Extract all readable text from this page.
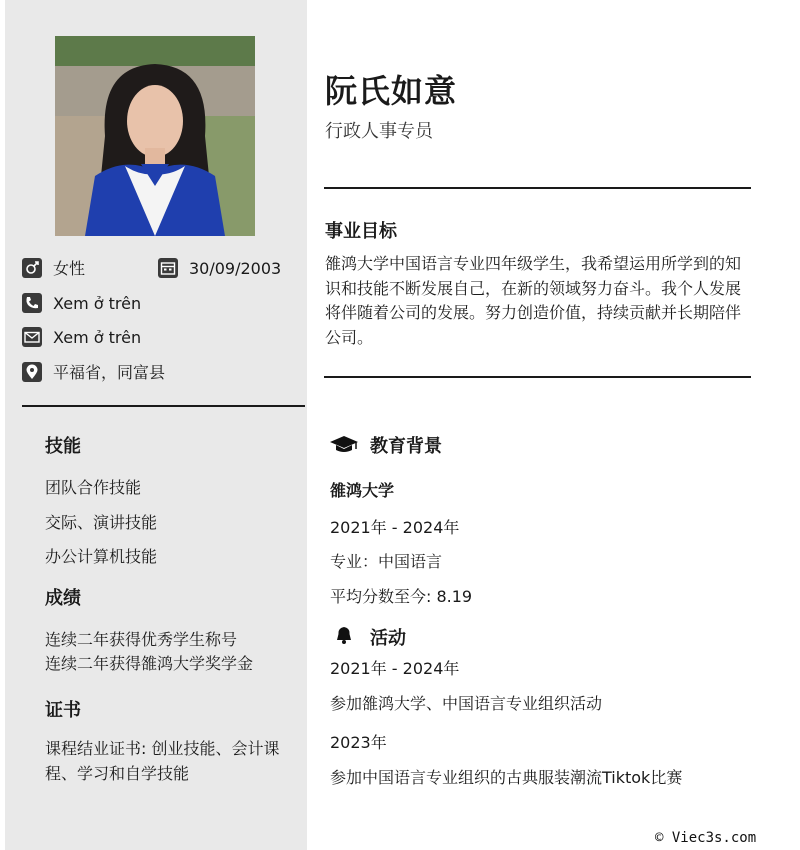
女性	30/09/2003
Xem ở trên
Xem ở trên
平福省，同富县
技能
团队合作技能
交际、演讲技能
办公计算机技能
成绩
连续二年获得优秀学生称号
连续二年获得雒鸿大学奖学金
证书
课程结业证书: 创业技能、会计课程、学习和自学技能
阮氏如意
行政人事专员
事业目标
雒鸿大学中国语言专业四年级学生，我希望运用所学到的知识和技能不断发展自己，在新的领域努力奋斗。我个人发展将伴随着公司的发展。努力创造价值，持续贡献并长期陪伴公司。
教育背景
雒鸿大学
2021年 - 2024年
专业：中国语言
平均分数至今: 8.19
活动
2021年 - 2024年
参加雒鸿大学、中国语言专业组织活动
2023年
参加中国语言专业组织的古典服装潮流Tiktok比赛
© Viec3s.com
